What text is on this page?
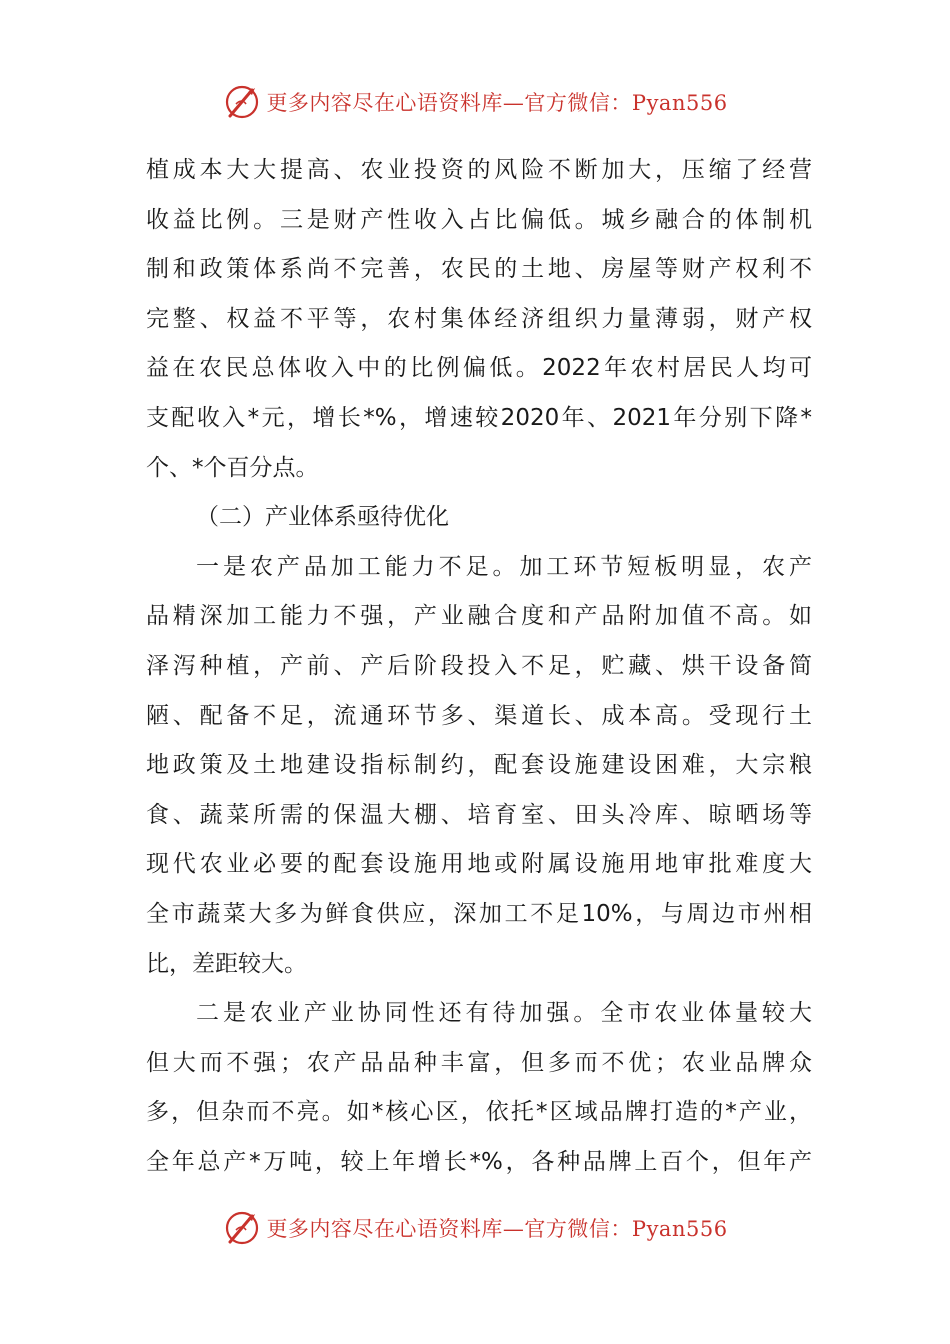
更多内容尽在心语资料库—官方微信：Pyan556
植成本大大提高、农业投资的风险不断加大，压缩了经营
收益比例。三是财产性收入占比偏低。城乡融合的体制机
制和政策体系尚不完善，农民的土地、房屋等财产权利不
完整、权益不平等，农村集体经济组织力量薄弱，财产权
益在农民总体收入中的比例偏低。2022年农村居民人均可
支配收入*元，增长*%，增速较2020年、2021年分别下降*
个、*个百分点。
（二）产业体系亟待优化
一是农产品加工能力不足。加工环节短板明显，农产
品精深加工能力不强，产业融合度和产品附加值不高。如
泽泻种植，产前、产后阶段投入不足，贮藏、烘干设备简
陋、配备不足，流通环节多、渠道长、成本高。受现行土
地政策及土地建设指标制约，配套设施建设困难，大宗粮
食、蔬菜所需的保温大棚、培育室、田头冷库、晾晒场等
现代农业必要的配套设施用地或附属设施用地审批难度大
全市蔬菜大多为鲜食供应，深加工不足10%，与周边市州相
比，差距较大。
二是农业产业协同性还有待加强。全市农业体量较大
但大而不强；农产品品种丰富，但多而不优；农业品牌众
多，但杂而不亮。如*核心区，依托*区域品牌打造的*产业，
全年总产*万吨，较上年增长*%，各种品牌上百个，但年产
更多内容尽在心语资料库—官方微信：Pyan556
